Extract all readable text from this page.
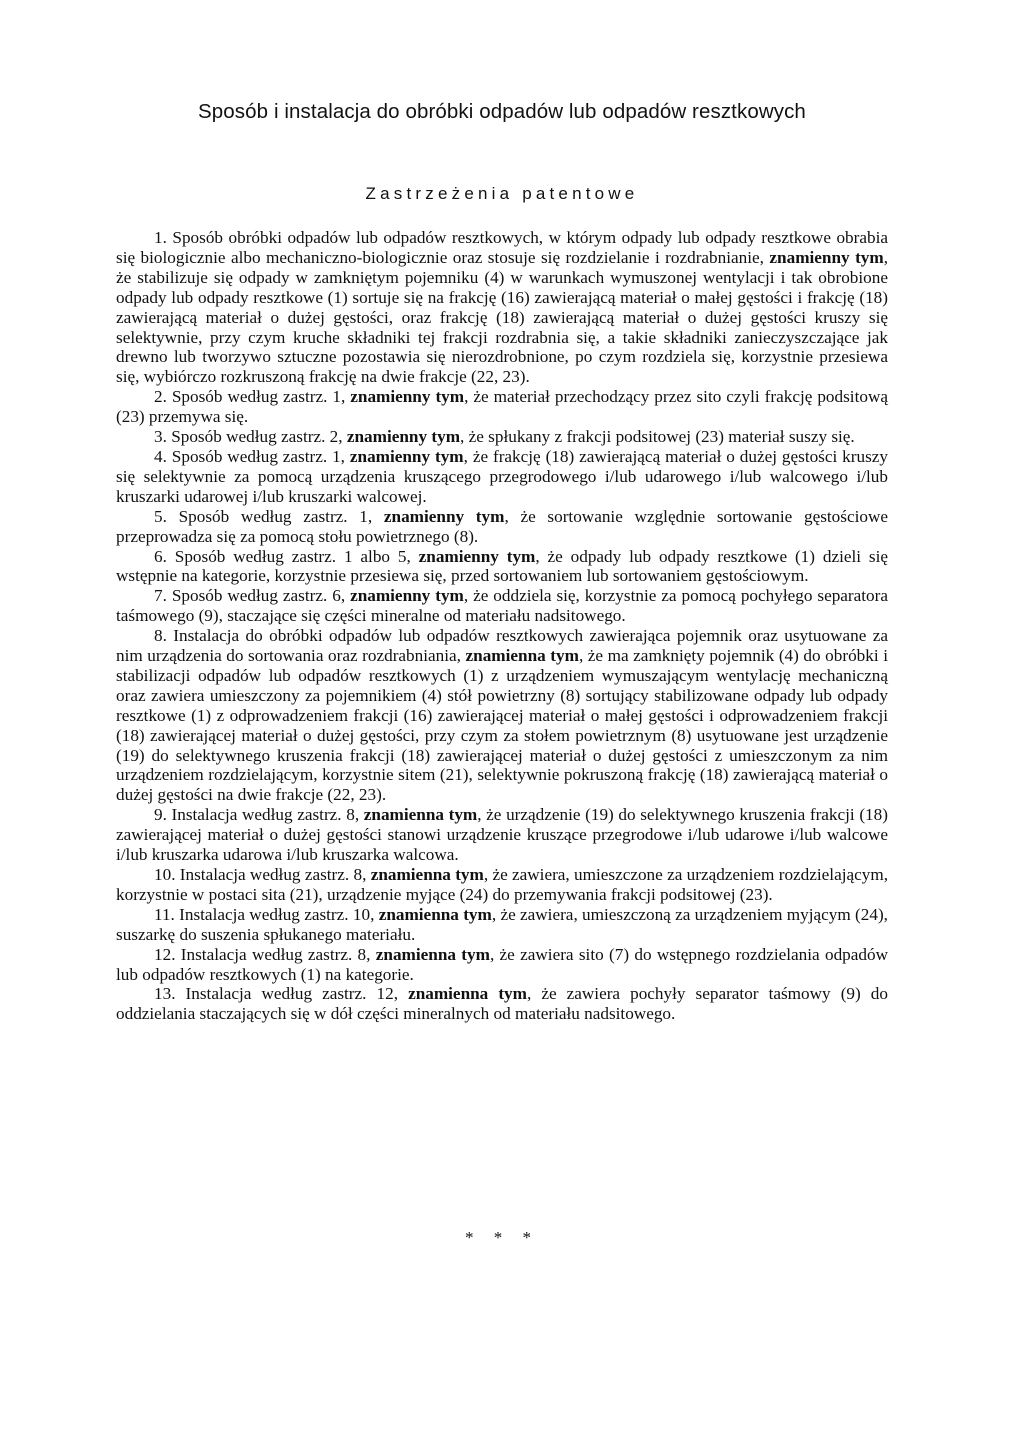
Sposób i instalacja do obróbki odpadów lub odpadów resztkowych
Zastrzeżenia patentowe

1. Sposób obróbki odpadów lub odpadów resztkowych, w którym odpady lub odpady resztkowe obrabia się biologicznie albo mechaniczno-biologicznie oraz stosuje się rozdzielanie i rozdrabnianie, znamienny tym, że stabilizuje się odpady w zamkniętym pojemniku (4) w warunkach wymuszonej wentylacji i tak obrobione odpady lub odpady resztkowe (1) sortuje się na frakcję (16) zawierającą materiał o małej gęstości i frakcję (18) zawierającą materiał o dużej gęstości, oraz frakcję (18) zawierającą materiał o dużej gęstości kruszy się selektywnie, przy czym kruche składniki tej frakcji rozdrabnia się, a takie składniki zanieczyszczające jak drewno lub tworzywo sztuczne pozostawia się nierozdrobnione, po czym rozdziela się, korzystnie przesiewa się, wybiórczo rozkruszoną frakcję na dwie frakcje (22, 23).

2. Sposób według zastrz. 1, znamienny tym, że materiał przechodzący przez sito czyli frakcję podsitową (23) przemywa się.

3. Sposób według zastrz. 2, znamienny tym, że spłukany z frakcji podsitowej (23) materiał suszy się.

4. Sposób według zastrz. 1, znamienny tym, że frakcję (18) zawierającą materiał o dużej gęstości kruszy się selektywnie za pomocą urządzenia kruszącego przegrodowego i/lub udarowego i/lub walcowego i/lub kruszarki udarowej i/lub kruszarki walcowej.

5. Sposób według zastrz. 1, znamienny tym, że sortowanie względnie sortowanie gęstościowe przeprowadza się za pomocą stołu powietrznego (8).

6. Sposób według zastrz. 1 albo 5, znamienny tym, że odpady lub odpady resztkowe (1) dzieli się wstępnie na kategorie, korzystnie przesiewa się, przed sortowaniem lub sortowaniem gęstościowym.

7. Sposób według zastrz. 6, znamienny tym, że oddziela się, korzystnie za pomocą pochyłego separatora taśmowego (9), staczające się części mineralne od materiału nadsitowego.

8. Instalacja do obróbki odpadów lub odpadów resztkowych zawierająca pojemnik oraz usytuowane za nim urządzenia do sortowania oraz rozdrabniania, znamienna tym, że ma zamknięty pojemnik (4) do obróbki i stabilizacji odpadów lub odpadów resztkowych (1) z urządzeniem wymuszającym wentylację mechaniczną oraz zawiera umieszczony za pojemnikiem (4) stół powietrzny (8) sortujący stabilizowane odpady lub odpady resztkowe (1) z odprowadzeniem frakcji (16) zawierającej materiał o małej gęstości i odprowadzeniem frakcji (18) zawierającej materiał o dużej gęstości, przy czym za stołem powietrznym (8) usytuowane jest urządzenie (19) do selektywnego kruszenia frakcji (18) zawierającej materiał o dużej gęstości z umieszczonym za nim urządzeniem rozdzielającym, korzystnie sitem (21), selektywnie pokruszoną frakcję (18) zawierającą materiał o dużej gęstości na dwie frakcje (22, 23).

9. Instalacja według zastrz. 8, znamienna tym, że urządzenie (19) do selektywnego kruszenia frakcji (18) zawierającej materiał o dużej gęstości stanowi urządzenie kruszące przegrodowe i/lub udarowe i/lub walcowe i/lub kruszarka udarowa i/lub kruszarka walcowa.

10. Instalacja według zastrz. 8, znamienna tym, że zawiera, umieszczone za urządzeniem rozdzielającym, korzystnie w postaci sita (21), urządzenie myjące (24) do przemywania frakcji podsitowej (23).

11. Instalacja według zastrz. 10, znamienna tym, że zawiera, umieszczoną za urządzeniem myjącym (24), suszarkę do suszenia spłukanego materiału.

12. Instalacja według zastrz. 8, znamienna tym, że zawiera sito (7) do wstępnego rozdzielania odpadów lub odpadów resztkowych (1) na kategorie.

13. Instalacja według zastrz. 12, znamienna tym, że zawiera pochyły separator taśmowy (9) do oddzielania staczających się w dół części mineralnych od materiału nadsitowego.

* * *
